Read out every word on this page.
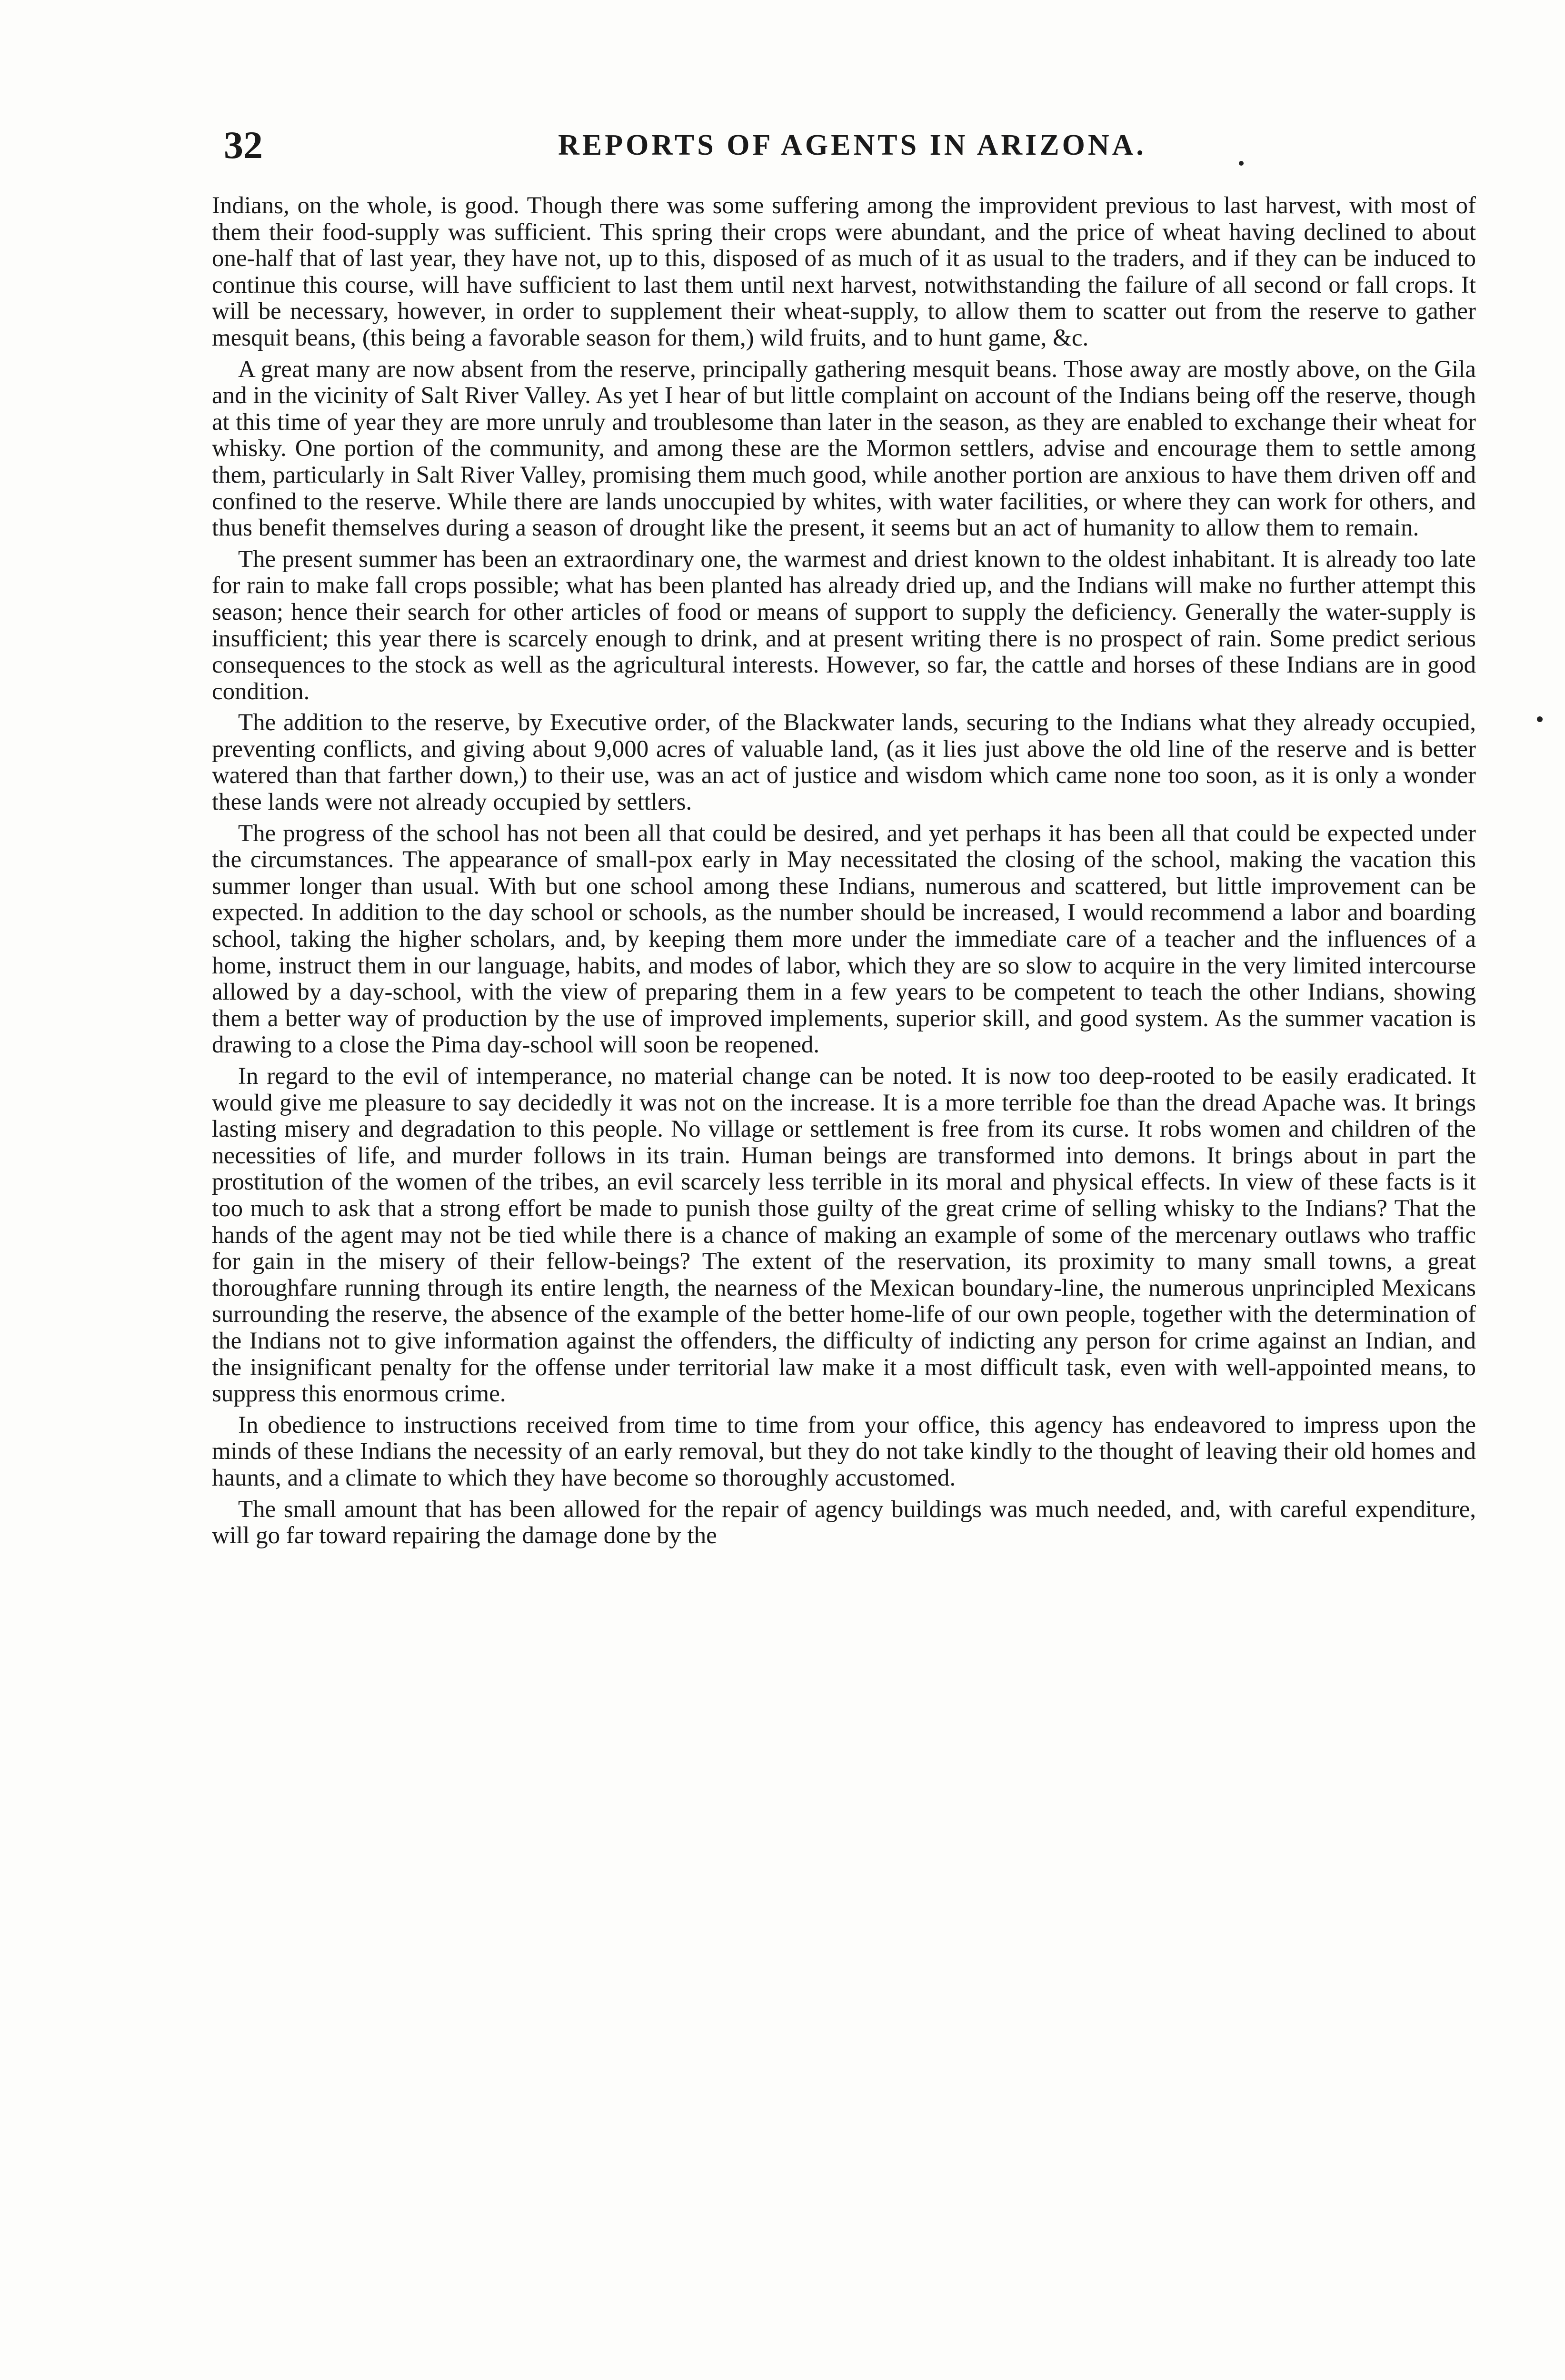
32	REPORTS OF AGENTS IN ARIZONA.

Indians, on the whole, is good. Though there was some suffering among the improvident previous to last harvest, with most of them their food-supply was sufficient. This spring their crops were abundant, and the price of wheat having declined to about one-half that of last year, they have not, up to this, disposed of as much of it as usual to the traders, and if they can be induced to continue this course, will have sufficient to last them until next harvest, notwithstanding the failure of all second or fall crops. It will be necessary, however, in order to supplement their wheat-supply, to allow them to scatter out from the reserve to gather mesquit beans, (this being a favorable season for them,) wild fruits, and to hunt game, &c.

A great many are now absent from the reserve, principally gathering mesquit beans. Those away are mostly above, on the Gila and in the vicinity of Salt River Valley. As yet I hear of but little complaint on account of the Indians being off the reserve, though at this time of year they are more unruly and troublesome than later in the season, as they are enabled to exchange their wheat for whisky. One portion of the community, and among these are the Mormon settlers, advise and encourage them to settle among them, particularly in Salt River Valley, promising them much good, while another portion are anxious to have them driven off and confined to the reserve. While there are lands unoccupied by whites, with water facilities, or where they can work for others, and thus benefit themselves during a season of drought like the present, it seems but an act of humanity to allow them to remain.

The present summer has been an extraordinary one, the warmest and driest known to the oldest inhabitant. It is already too late for rain to make fall crops possible; what has been planted has already dried up, and the Indians will make no further attempt this season; hence their search for other articles of food or means of support to supply the deficiency. Generally the water-supply is insufficient; this year there is scarcely enough to drink, and at present writing there is no prospect of rain. Some predict serious consequences to the stock as well as the agricultural interests. However, so far, the cattle and horses of these Indians are in good condition.

The addition to the reserve, by Executive order, of the Blackwater lands, securing to the Indians what they already occupied, preventing conflicts, and giving about 9,000 acres of valuable land, (as it lies just above the old line of the reserve and is better watered than that farther down,) to their use, was an act of justice and wisdom which came none too soon, as it is only a wonder these lands were not already occupied by settlers.

The progress of the school has not been all that could be desired, and yet perhaps it has been all that could be expected under the circumstances. The appearance of small-pox early in May necessitated the closing of the school, making the vacation this summer longer than usual. With but one school among these Indians, numerous and scattered, but little improvement can be expected. In addition to the day school or schools, as the number should be increased, I would recommend a labor and boarding school, taking the higher scholars, and, by keeping them more under the immediate care of a teacher and the influences of a home, instruct them in our language, habits, and modes of labor, which they are so slow to acquire in the very limited intercourse allowed by a day-school, with the view of preparing them in a few years to be competent to teach the other Indians, showing them a better way of production by the use of improved implements, superior skill, and good system. As the summer vacation is drawing to a close the Pima day-school will soon be reopened.

In regard to the evil of intemperance, no material change can be noted. It is now too deep-rooted to be easily eradicated. It would give me pleasure to say decidedly it was not on the increase. It is a more terrible foe than the dread Apache was. It brings lasting misery and degradation to this people. No village or settlement is free from its curse. It robs women and children of the necessities of life, and murder follows in its train. Human beings are transformed into demons. It brings about in part the prostitution of the women of the tribes, an evil scarcely less terrible in its moral and physical effects. In view of these facts is it too much to ask that a strong effort be made to punish those guilty of the great crime of selling whisky to the Indians? That the hands of the agent may not be tied while there is a chance of making an example of some of the mercenary outlaws who traffic for gain in the misery of their fellow-beings? The extent of the reservation, its proximity to many small towns, a great thoroughfare running through its entire length, the nearness of the Mexican boundary-line, the numerous unprincipled Mexicans surrounding the reserve, the absence of the example of the better home-life of our own people, together with the determination of the Indians not to give information against the offenders, the difficulty of indicting any person for crime against an Indian, and the insignificant penalty for the offense under territorial law make it a most difficult task, even with well-appointed means, to suppress this enormous crime.

In obedience to instructions received from time to time from your office, this agency has endeavored to impress upon the minds of these Indians the necessity of an early removal, but they do not take kindly to the thought of leaving their old homes and haunts, and a climate to which they have become so thoroughly accustomed.

The small amount that has been allowed for the repair of agency buildings was much needed, and, with careful expenditure, will go far toward repairing the damage done by the
